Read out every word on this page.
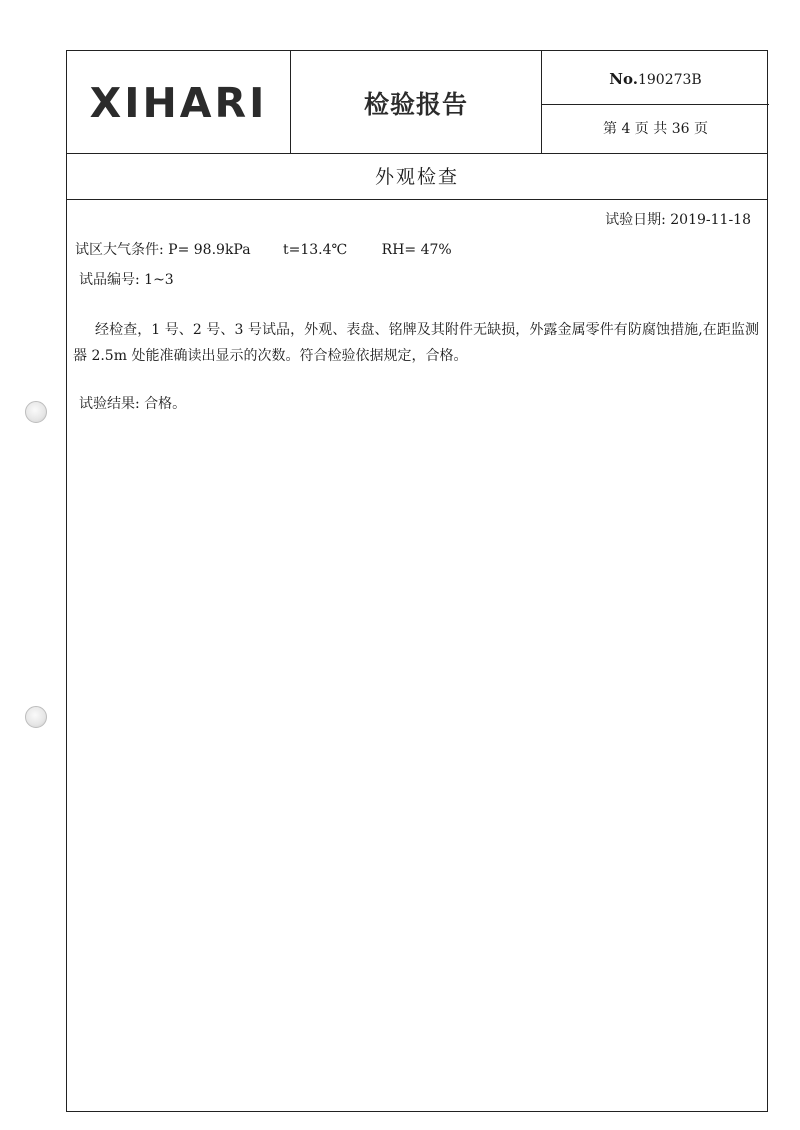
XIHARI	检验报告
No.190273B
第 4 页 共 36 页
外观检查
试验日期: 2019-11-18
试区大气条件: P= 98.9kPa t=13.4℃ RH= 47%
试品编号: 1~3
经检查，1 号、2 号、3 号试品，外观、表盘、铭牌及其附件无缺损，外露金属零件有防腐蚀措施,在距监测器 2.5m 处能准确读出显示的次数。符合检验依据规定，合格。
试验结果: 合格。
